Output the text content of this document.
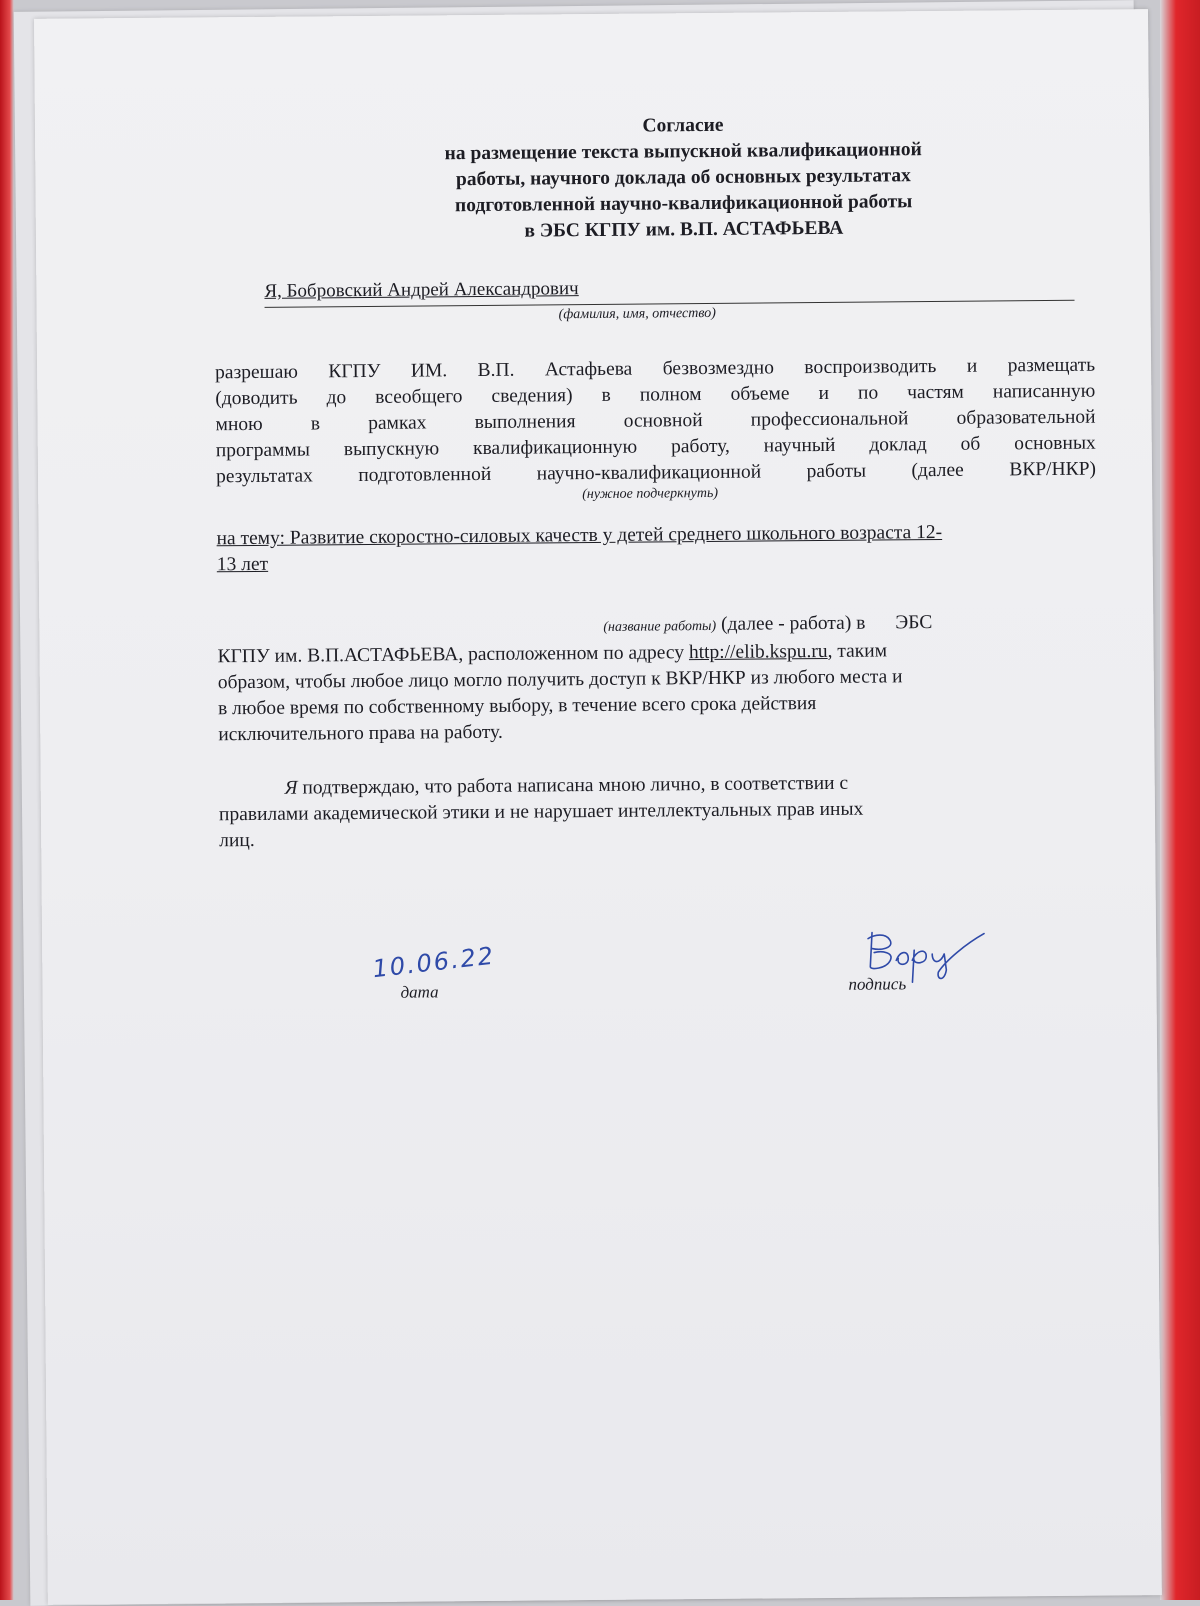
Согласие
на размещение текста выпускной квалификационной
работы, научного доклада об основных результатах
подготовленной научно-квалификационной работы
в ЭБС КГПУ им. В.П. АСТАФЬЕВА
Я, Бобровский Андрей Александрович
(фамилия, имя, отчество)
разрешаю КГПУ ИМ. В.П. Астафьева безвозмездно воспроизводить и размещать
(доводить до всеобщего сведения) в полном объеме и по частям написанную
мною в рамках выполнения основной профессиональной образовательной
программы выпускную квалификационную работу, научный доклад об основных
результатах подготовленной научно-квалификационной работы (далее ВКР/НКР)
(нужное подчеркнуть)
на тему: Развитие скоростно-силовых качеств у детей среднего школьного возраста 12-
13 лет
(название работы) (далее - работа) в ЭБС
КГПУ им. В.П.АСТАФЬЕВА, расположенном по адресу http://elib.kspu.ru, таким
образом, чтобы любое лицо могло получить доступ к ВКР/НКР из любого места и
в любое время по собственному выбору, в течение всего срока действия
исключительного права на работу.
Я подтверждаю, что работа написана мною лично, в соответствии с
правилами академической этики и не нарушает интеллектуальных прав иных
лиц.
10.06.22
дата	подпись
